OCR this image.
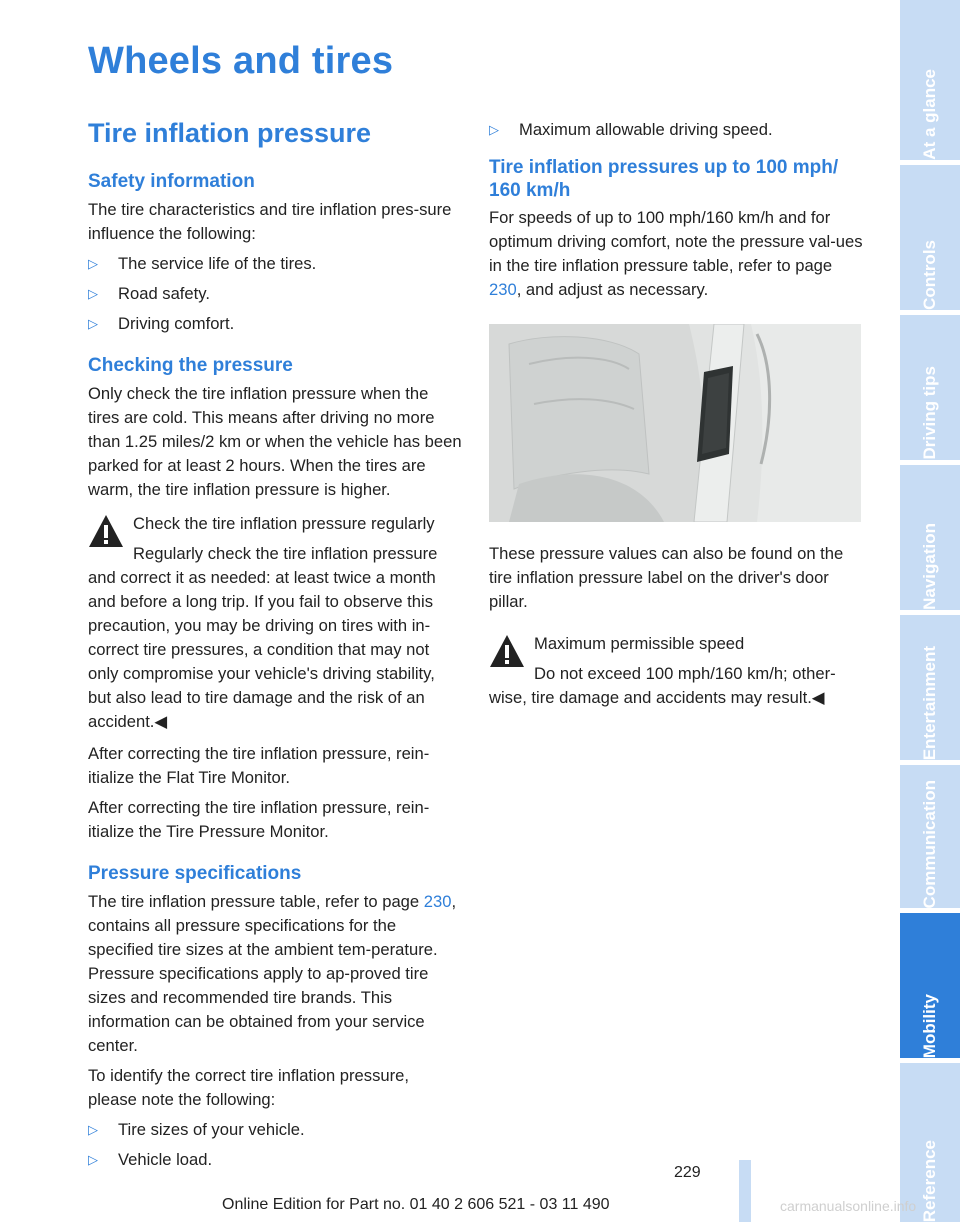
Wheels and tires
Tire inflation pressure
Safety information

The tire characteristics and tire inflation pres-sure influence the following:

▷ The service life of the tires.
▷ Road safety.
▷ Driving comfort.
Checking the pressure

Only check the tire inflation pressure when the tires are cold. This means after driving no more than 1.25 miles/2 km or when the vehicle has been parked for at least 2 hours. When the tires are warm, the tire inflation pressure is higher.

Check the tire inflation pressure regularly

Regularly check the tire inflation pressure and correct it as needed: at least twice a month and before a long trip. If you fail to observe this precaution, you may be driving on tires with in-correct tire pressures, a condition that may not only compromise your vehicle's driving stability, but also lead to tire damage and the risk of an accident.◀

After correcting the tire inflation pressure, rein-itialize the Flat Tire Monitor.

After correcting the tire inflation pressure, rein-itialize the Tire Pressure Monitor.

Pressure specifications

The tire inflation pressure table, refer to page 230, contains all pressure specifications for the specified tire sizes at the ambient tem-perature. Pressure specifications apply to ap-proved tire sizes and recommended tire brands. This information can be obtained from your service center.

To identify the correct tire inflation pressure, please note the following:

▷ Tire sizes of your vehicle.
▷ Vehicle load.
▷ Maximum allowable driving speed.
Tire inflation pressures up to 100 mph/ 160 km/h

For speeds of up to 100 mph/160 km/h and for optimum driving comfort, note the pressure val-ues in the tire inflation pressure table, refer to page 230, and adjust as necessary.

These pressure values can also be found on the tire inflation pressure label on the driver's door pillar.

Maximum permissible speed

Do not exceed 100 mph/160 km/h; other-wise, tire damage and accidents may result.◀

At a glance
Controls
Driving tips
Navigation
Entertainment
Communication
Mobility
Reference
229
Online Edition for Part no. 01 40 2 606 521 - 03 11 490	carmanualsonline.info
